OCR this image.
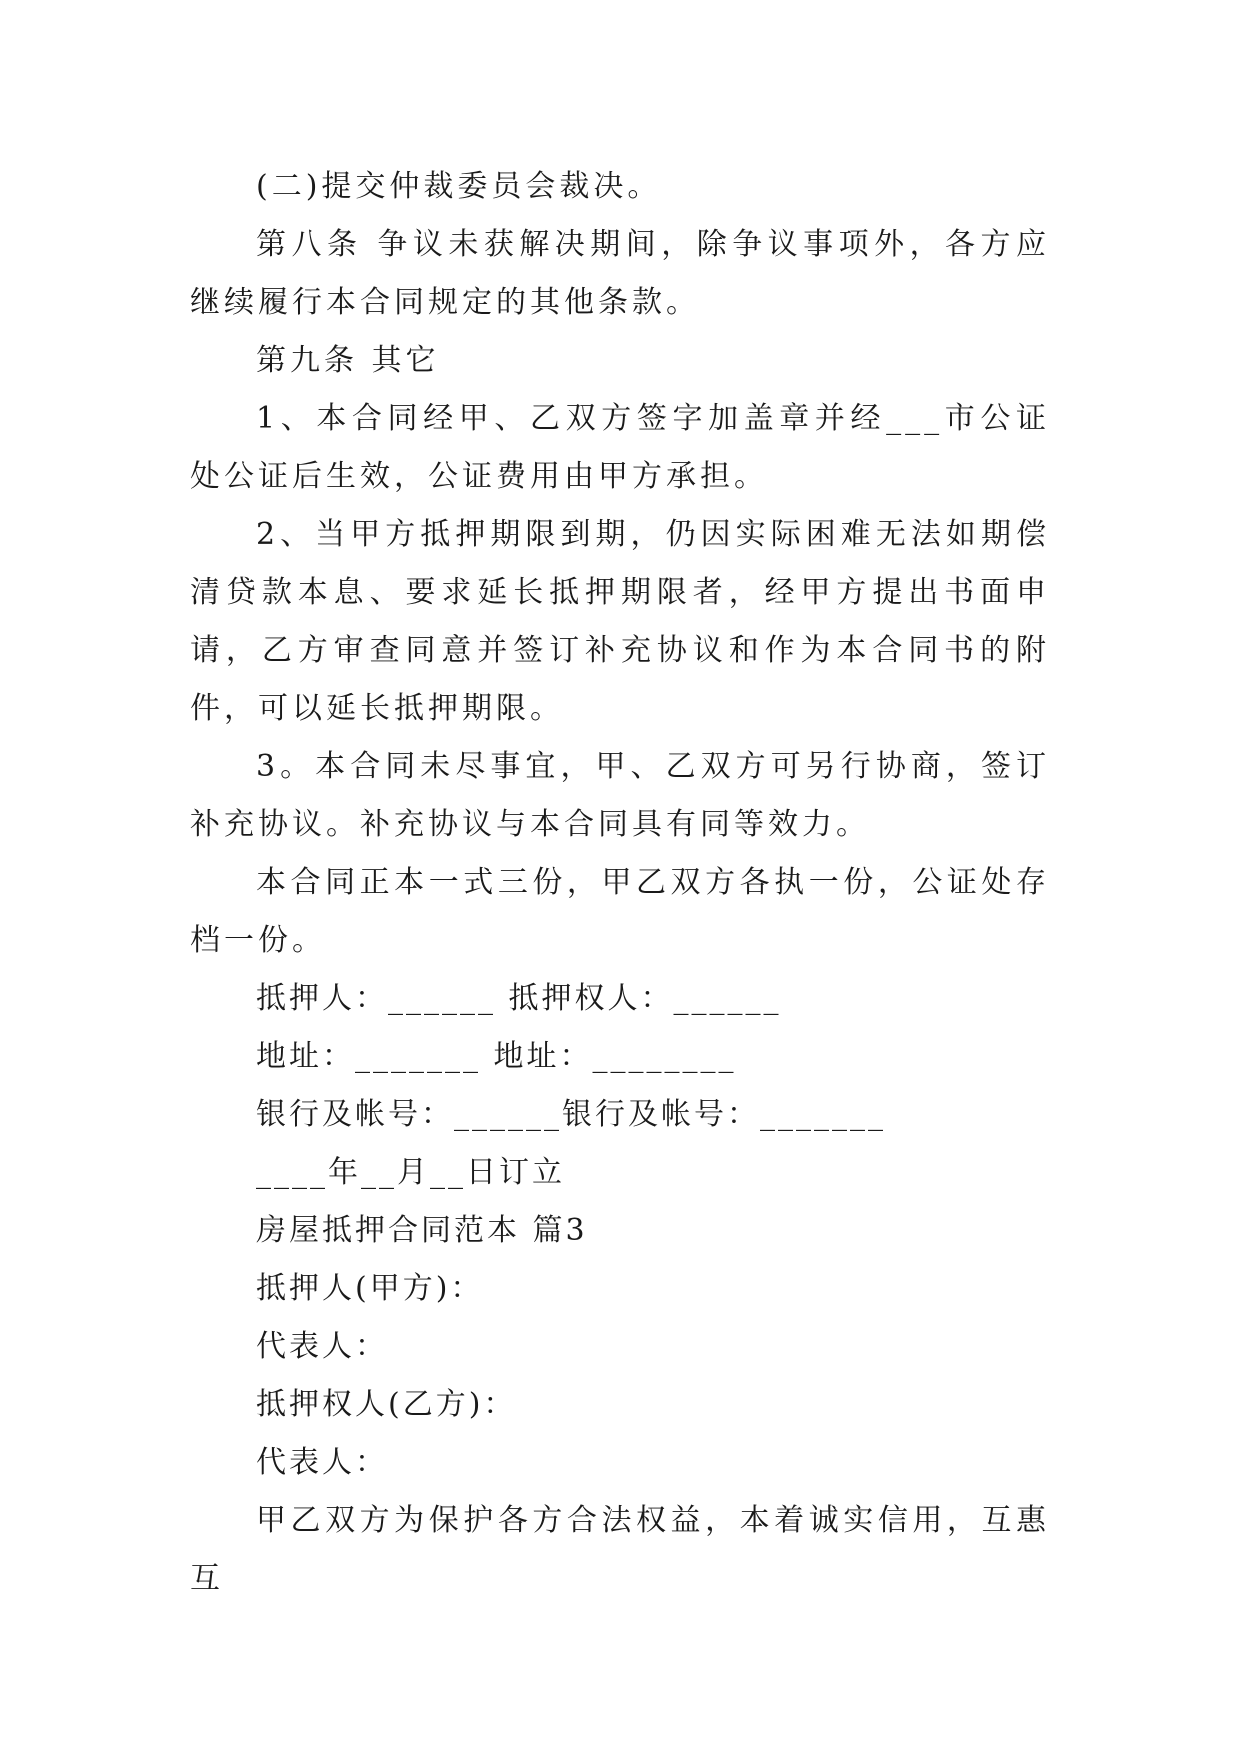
(二)提交仲裁委员会裁决。

第八条 争议未获解决期间，除争议事项外，各方应继续履行本合同规定的其他条款。

第九条 其它

1、本合同经甲、乙双方签字加盖章并经___市公证处公证后生效，公证费用由甲方承担。

2、当甲方抵押期限到期，仍因实际困难无法如期偿清贷款本息、要求延长抵押期限者，经甲方提出书面申请，乙方审查同意并签订补充协议和作为本合同书的附件，可以延长抵押期限。

3。本合同未尽事宜，甲、乙双方可另行协商，签订补充协议。补充协议与本合同具有同等效力。

本合同正本一式三份，甲乙双方各执一份，公证处存档一份。

抵押人：______ 抵押权人：______

地址：_______ 地址：________

银行及帐号：______银行及帐号：_______

____年__月__日订立

房屋抵押合同范本 篇3

抵押人(甲方)：

代表人：

抵押权人(乙方)：

代表人：

甲乙双方为保护各方合法权益，本着诚实信用，互惠互
